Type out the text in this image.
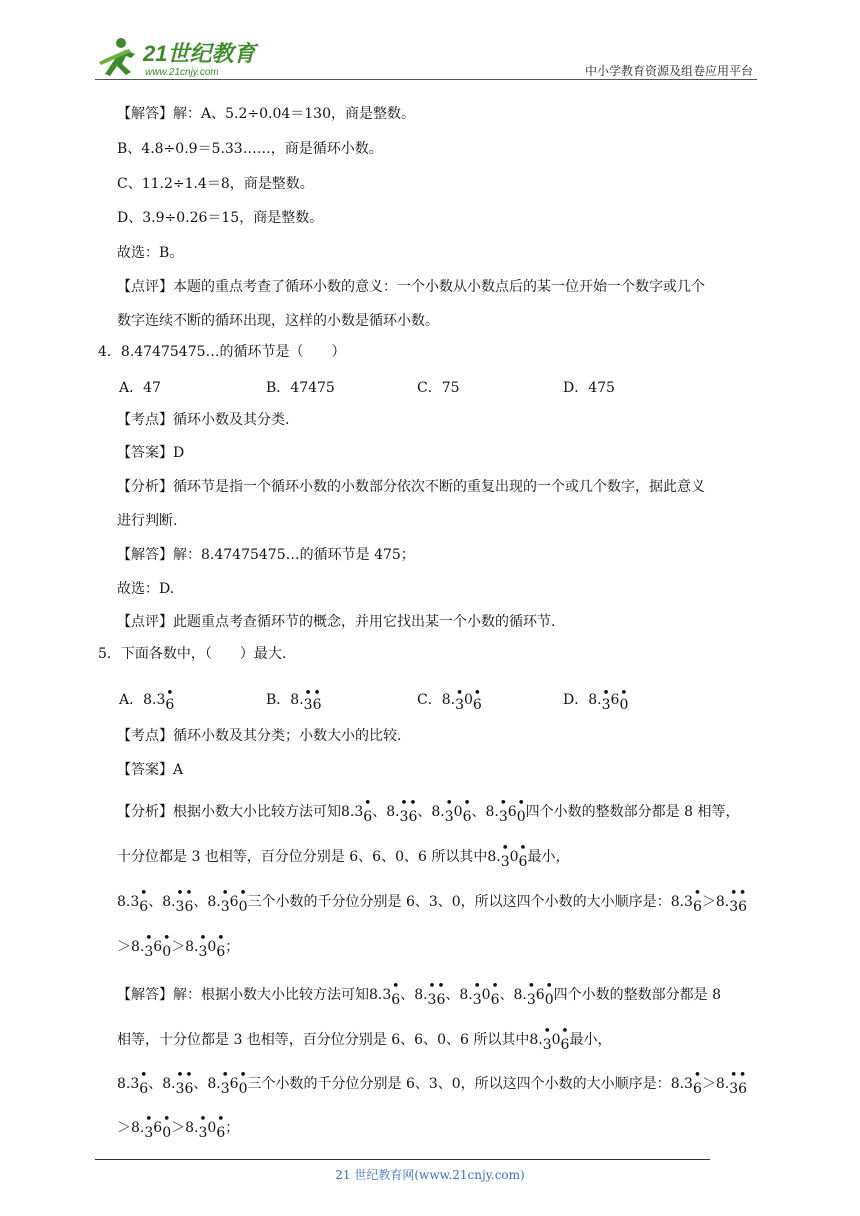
21世纪教育
www.21cnjy.com	中小学教育资源及组卷应用平台
【解答】解：A、5.2÷0.04＝130，商是整数。
B、4.8÷0.9＝5.33……，商是循环小数。
C、11.2÷1.4＝8，商是整数。
D、3.9÷0.26＝15，商是整数。
故选：B。
【点评】本题的重点考查了循环小数的意义：一个小数从小数点后的某一位开始一个数字或几个
数字连续不断的循环出现，这样的小数是循环小数。
4．8.47475475…的循环节是（　　）
A．47	B．47475	C．75	D．475
【考点】循环小数及其分类.
【答案】D
【分析】循环节是指一个循环小数的小数部分依次不断的重复出现的一个或几个数字，据此意义
进行判断.
【解答】解：8.47475475…的循环节是 475；
故选：D.
【点评】此题重点考查循环节的概念，并用它找出某一个小数的循环节.
5．下面各数中，（　　）最大.
A．8.36
•	B．8.3
•
6
•	C．8.3
• 06
•	D．8.3
• 60
•
【考点】循环小数及其分类；小数大小的比较.
【答案】A
【分析】根据小数大小比较方法可知8.36
•
、8.3
•
6
•
、8.3
•
06
•
、8.3
•
60
•
四个小数的整数部分都是 8 相等，
十分位都是 3 也相等，百分位分别是 6、6、0、6 所以其中8.3
•
06
•
最小，
8.36
•
、8.3
•
6
•
、8.3
•
60
•
三个小数的千分位分别是 6、3、0，所以这四个小数的大小顺序是：8.36
•
＞8.3
•
6
•
＞8.3
•
60
•
＞8.3
•
06
•
；
【解答】解：根据小数大小比较方法可知8.36
•
、8.3
•
6
•
、8.3
•
06
•
、8.3
•
60
•
四个小数的整数部分都是 8
相等，十分位都是 3 也相等，百分位分别是 6、6、0、6 所以其中8.3
•
06
•
最小，
8.36
•
、8.3
•
6
•
、8.3
•
60
•
三个小数的千分位分别是 6、3、0，所以这四个小数的大小顺序是：8.36
•
＞8.3
•
6
•
＞8.3
•
60
•
＞8.3
•
06
•
；
21 世纪教育网(www.21cnjy.com)
